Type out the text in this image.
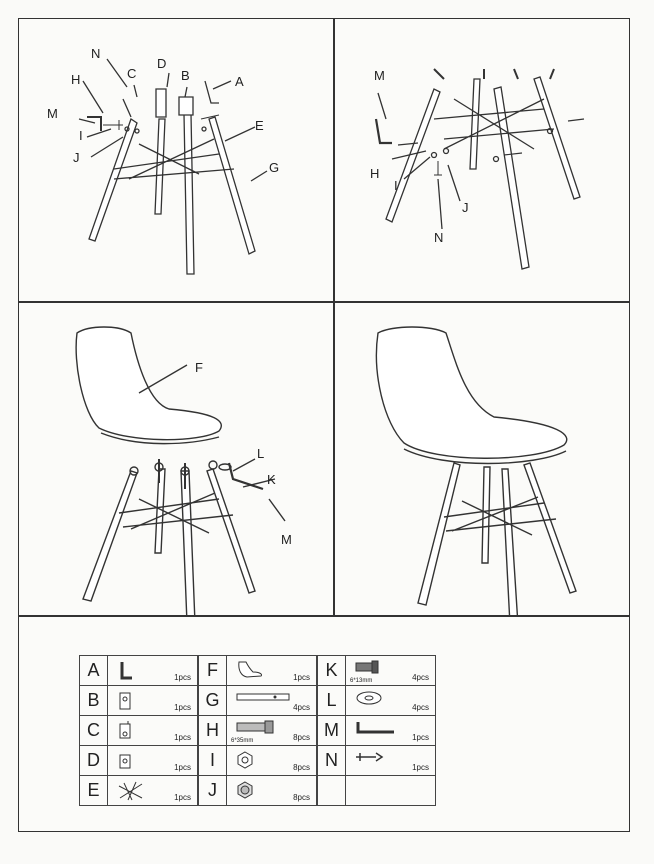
N
H	C
D
B	A
M
I
J
E
G
M
H
I
J
N
F
L
K
M
A	1pcs		F	1pcs		K	6*13mm 4pcs

B	1pcs		G	4pcs		L	4pcs

C	1pcs		H	6*35mm 8pcs		M	1pcs

D	1pcs		I	8pcs		N	1pcs

E	1pcs		J	8pcs		
